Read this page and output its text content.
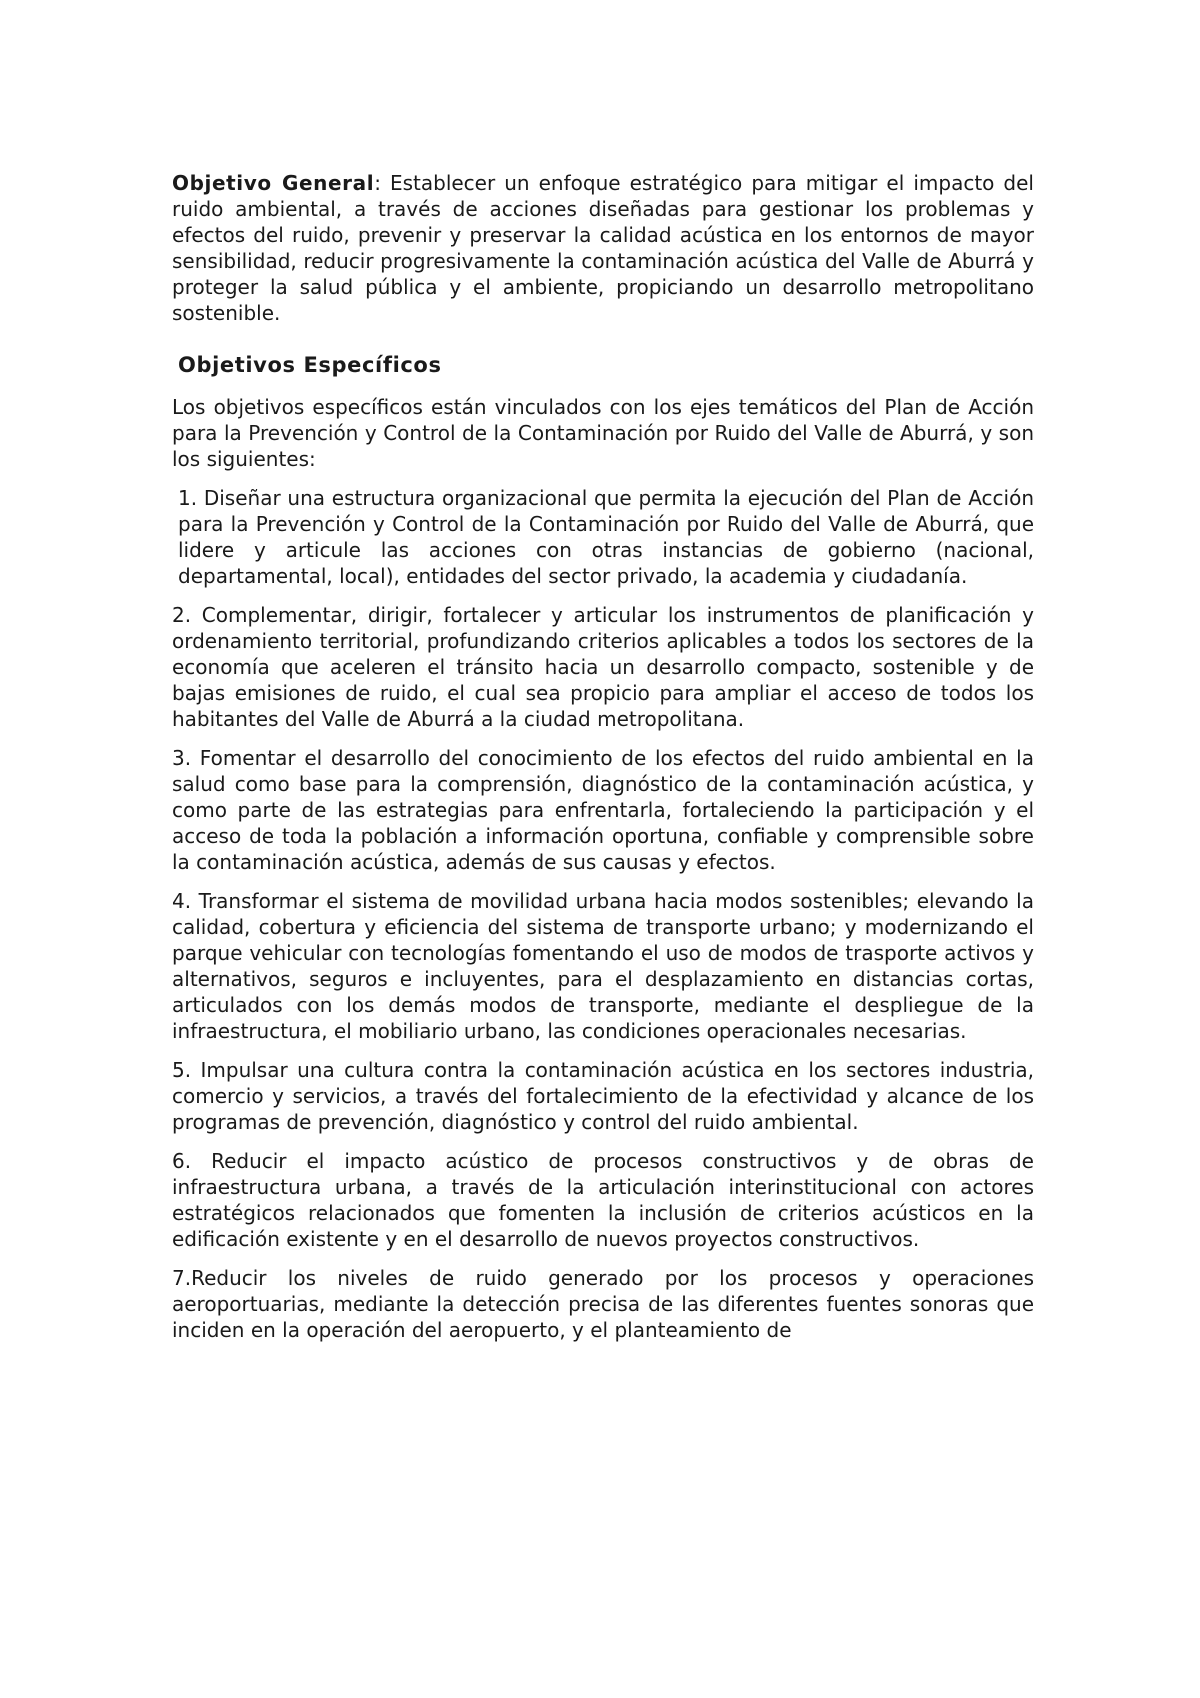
Objetivo General: Establecer un enfoque estratégico para mitigar el impacto del ruido ambiental, a través de acciones diseñadas para gestionar los problemas y efectos del ruido, prevenir y preservar la calidad acústica en los entornos de mayor sensibilidad, reducir progresivamente la contaminación acústica del Valle de Aburrá y proteger la salud pública y el ambiente, propiciando un desarrollo metropolitano sostenible.

Objetivos Específicos

Los objetivos específicos están vinculados con los ejes temáticos del Plan de Acción para la Prevención y Control de la Contaminación por Ruido del Valle de Aburrá, y son los siguientes:

1. Diseñar una estructura organizacional que permita la ejecución del Plan de Acción para la Prevención y Control de la Contaminación por Ruido del Valle de Aburrá, que lidere y articule las acciones con otras instancias de gobierno (nacional, departamental, local), entidades del sector privado, la academia y ciudadanía.

2. Complementar, dirigir, fortalecer y articular los instrumentos de planificación y ordenamiento territorial, profundizando criterios aplicables a todos los sectores de la economía que aceleren el tránsito hacia un desarrollo compacto, sostenible y de bajas emisiones de ruido, el cual sea propicio para ampliar el acceso de todos los habitantes del Valle de Aburrá a la ciudad metropolitana.

3. Fomentar el desarrollo del conocimiento de los efectos del ruido ambiental en la salud como base para la comprensión, diagnóstico de la contaminación acústica, y como parte de las estrategias para enfrentarla, fortaleciendo la participación y el acceso de toda la población a información oportuna, confiable y comprensible sobre la contaminación acústica, además de sus causas y efectos.

4. Transformar el sistema de movilidad urbana hacia modos sostenibles; elevando la calidad, cobertura y eficiencia del sistema de transporte urbano; y modernizando el parque vehicular con tecnologías fomentando el uso de modos de trasporte activos y alternativos, seguros e incluyentes, para el desplazamiento en distancias cortas, articulados con los demás modos de transporte, mediante el despliegue de la infraestructura, el mobiliario urbano, las condiciones operacionales necesarias.

5. Impulsar una cultura contra la contaminación acústica en los sectores industria, comercio y servicios, a través del fortalecimiento de la efectividad y alcance de los programas de prevención, diagnóstico y control del ruido ambiental.

6. Reducir el impacto acústico de procesos constructivos y de obras de infraestructura urbana, a través de la articulación interinstitucional con actores estratégicos relacionados que fomenten la inclusión de criterios acústicos en la edificación existente y en el desarrollo de nuevos proyectos constructivos.

7.Reducir los niveles de ruido generado por los procesos y operaciones aeroportuarias, mediante la detección precisa de las diferentes fuentes sonoras que inciden en la operación del aeropuerto, y el planteamiento de
